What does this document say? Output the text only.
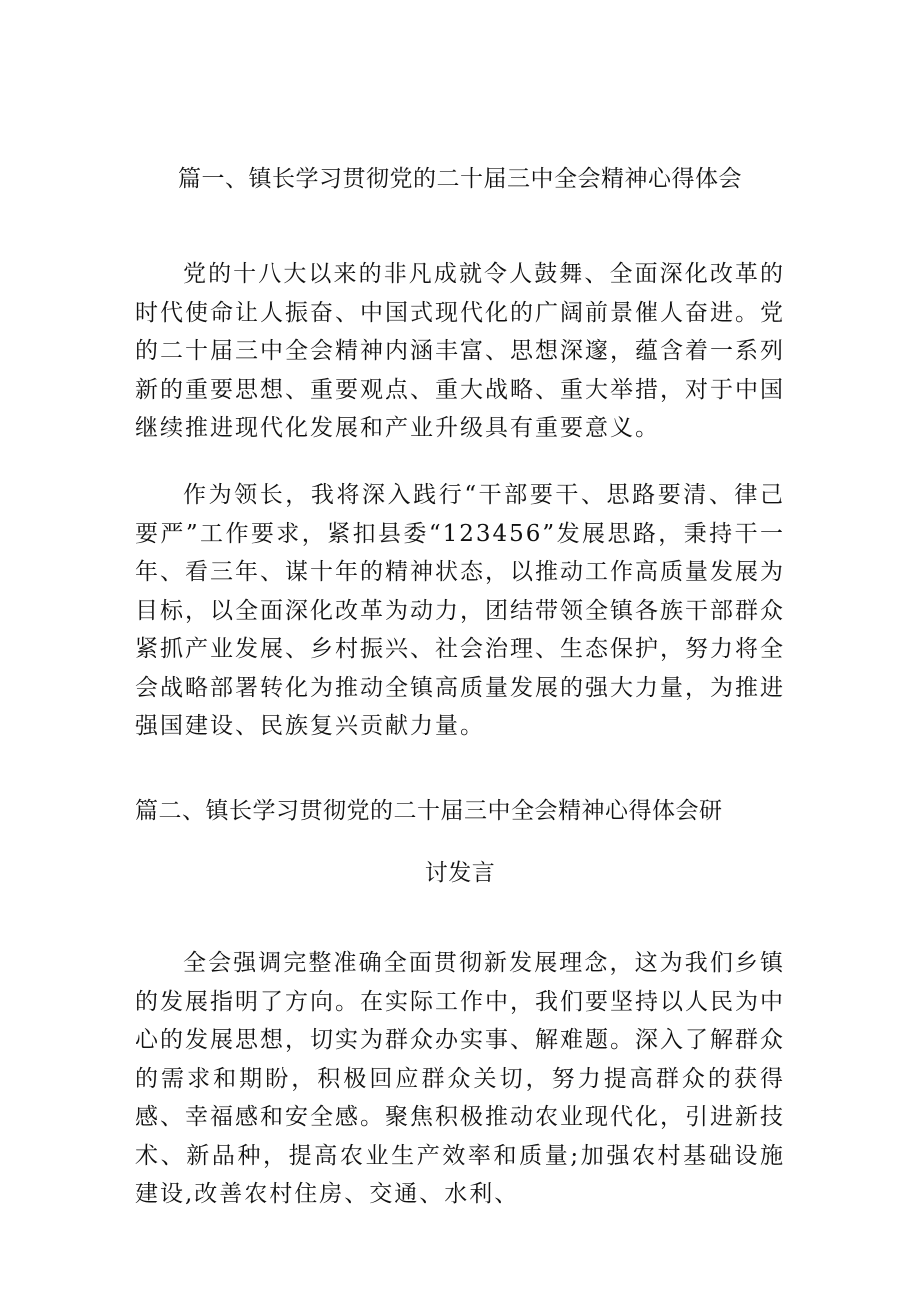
篇一、镇长学习贯彻党的二十届三中全会精神心得体会

党的十八大以来的非凡成就令人鼓舞、全面深化改革的时代使命让人振奋、中国式现代化的广阔前景催人奋进。党的二十届三中全会精神内涵丰富、思想深邃，蕴含着一系列新的重要思想、重要观点、重大战略、重大举措，对于中国继续推进现代化发展和产业升级具有重要意义。

作为领长，我将深入践行“干部要干、思路要清、律己要严”工作要求，紧扣县委“123456”发展思路，秉持干一年、看三年、谋十年的精神状态，以推动工作高质量发展为目标，以全面深化改革为动力，团结带领全镇各族干部群众紧抓产业发展、乡村振兴、社会治理、生态保护，努力将全会战略部署转化为推动全镇高质量发展的强大力量，为推进强国建设、民族复兴贡献力量。

篇二、镇长学习贯彻党的二十届三中全会精神心得体会研
讨发言

全会强调完整准确全面贯彻新发展理念，这为我们乡镇的发展指明了方向。在实际工作中，我们要坚持以人民为中心的发展思想，切实为群众办实事、解难题。深入了解群众的需求和期盼，积极回应群众关切，努力提高群众的获得感、幸福感和安全感。聚焦积极推动农业现代化，引进新技术、新品种，提高农业生产效率和质量;加强农村基础设施建设,改善农村住房、交通、水利、
